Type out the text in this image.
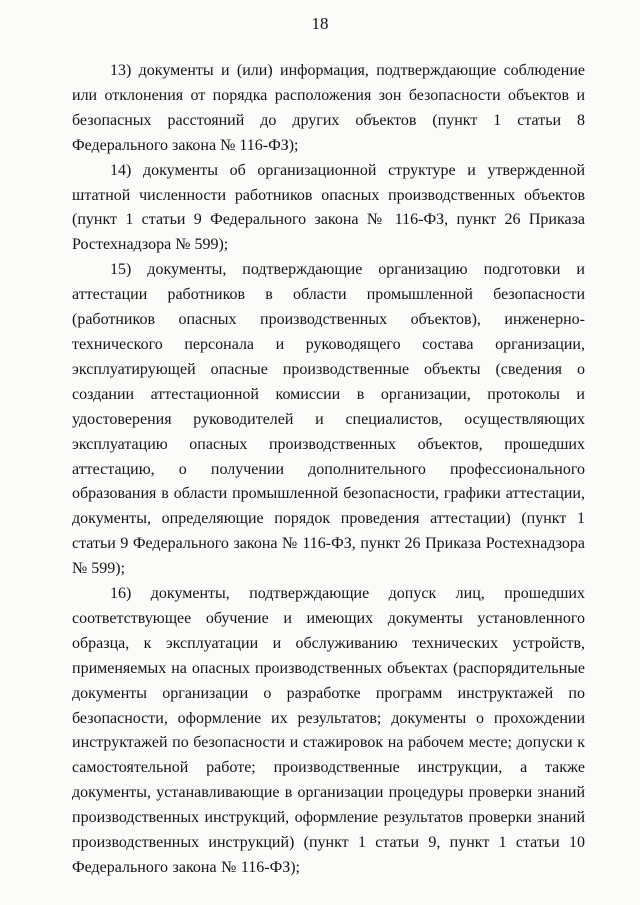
18

13) документы и (или) информация, подтверждающие соблюдение или отклонения от порядка расположения зон безопасности объектов и безопасных расстояний до других объектов (пункт 1 статьи 8 Федерального закона № 116-ФЗ);

14) документы об организационной структуре и утвержденной штатной численности работников опасных производственных объектов (пункт 1 статьи 9 Федерального закона № 116-ФЗ, пункт 26 Приказа Ростехнадзора № 599);

15) документы, подтверждающие организацию подготовки и аттестации работников в области промышленной безопасности (работников опасных производственных объектов), инженерно-технического персонала и руководящего состава организации, эксплуатирующей опасные производственные объекты (сведения о создании аттестационной комиссии в организации, протоколы и удостоверения руководителей и специалистов, осуществляющих эксплуатацию опасных производственных объектов, прошедших аттестацию, о получении дополнительного профессионального образования в области промышленной безопасности, графики аттестации, документы, определяющие порядок проведения аттестации) (пункт 1 статьи 9 Федерального закона № 116-ФЗ, пункт 26 Приказа Ростехнадзора № 599);

16) документы, подтверждающие допуск лиц, прошедших соответствующее обучение и имеющих документы установленного образца, к эксплуатации и обслуживанию технических устройств, применяемых на опасных производственных объектах (распорядительные документы организации о разработке программ инструктажей по безопасности, оформление их результатов; документы о прохождении инструктажей по безопасности и стажировок на рабочем месте; допуски к самостоятельной работе; производственные инструкции, а также документы, устанавливающие в организации процедуры проверки знаний производственных инструкций, оформление результатов проверки знаний производственных инструкций) (пункт 1 статьи 9, пункт 1 статьи 10 Федерального закона № 116-ФЗ);
